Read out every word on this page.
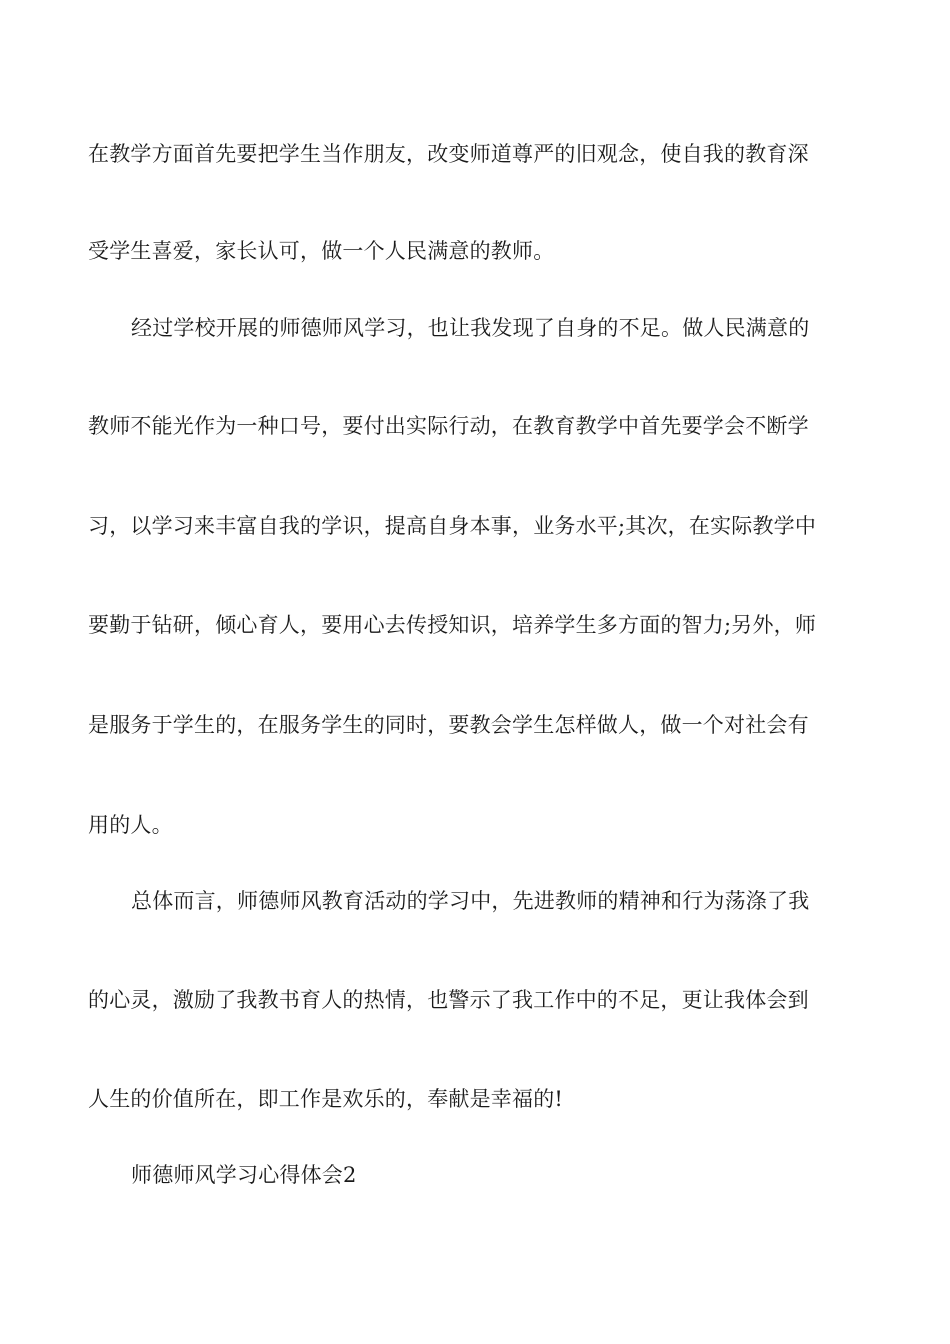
在教学方面首先要把学生当作朋友，改变师道尊严的旧观念，使自我的教育深
受学生喜爱，家长认可，做一个人民满意的教师。
经过学校开展的师德师风学习，也让我发现了自身的不足。做人民满意的
教师不能光作为一种口号，要付出实际行动，在教育教学中首先要学会不断学
习，以学习来丰富自我的学识，提高自身本事，业务水平;其次，在实际教学中
要勤于钻研，倾心育人，要用心去传授知识，培养学生多方面的智力;另外，师
是服务于学生的，在服务学生的同时，要教会学生怎样做人，做一个对社会有
用的人。
总体而言，师德师风教育活动的学习中，先进教师的精神和行为荡涤了我
的心灵，激励了我教书育人的热情，也警示了我工作中的不足，更让我体会到
人生的价值所在，即工作是欢乐的，奉献是幸福的!
师德师风学习心得体会2
